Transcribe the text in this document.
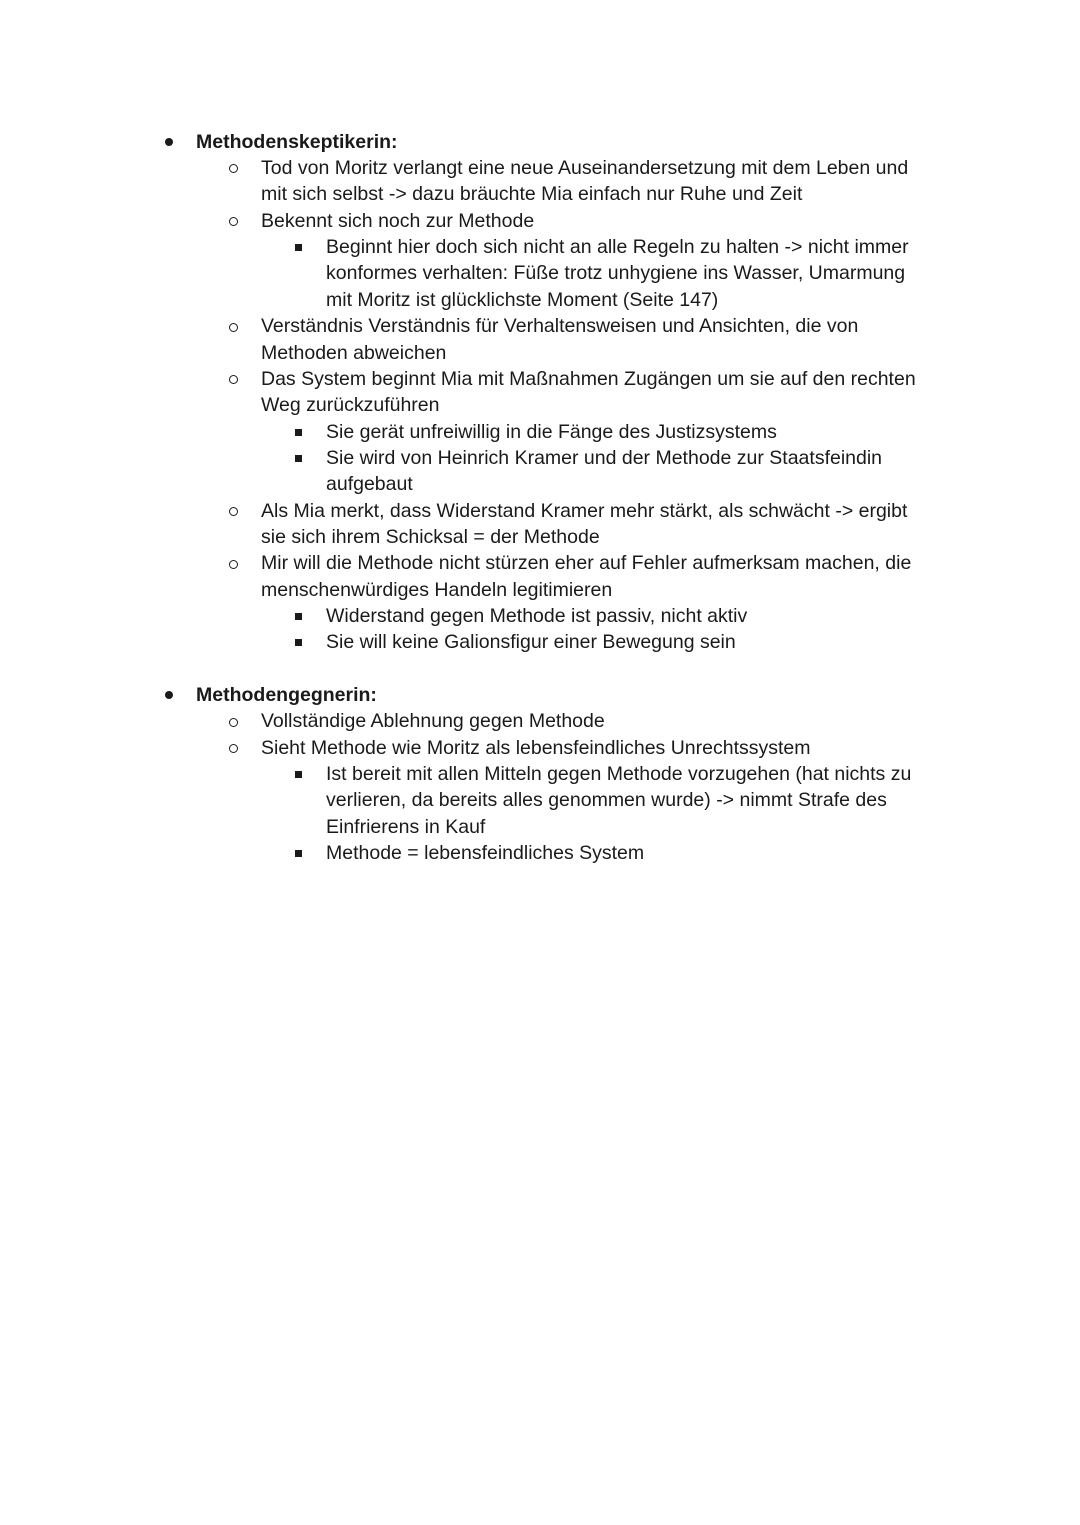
Methodenskeptikerin:
Tod von Moritz verlangt eine neue Auseinandersetzung mit dem Leben und
mit sich selbst -> dazu bräuchte Mia einfach nur Ruhe und Zeit
Bekennt sich noch zur Methode
Beginnt hier doch sich nicht an alle Regeln zu halten -> nicht immer
konformes verhalten: Füße trotz unhygiene ins Wasser, Umarmung
mit Moritz ist glücklichste Moment (Seite 147)
Verständnis Verständnis für Verhaltensweisen und Ansichten, die von
Methoden abweichen
Das System beginnt Mia mit Maßnahmen Zugängen um sie auf den rechten
Weg zurückzuführen
Sie gerät unfreiwillig in die Fänge des Justizsystems
Sie wird von Heinrich Kramer und der Methode zur Staatsfeindin
aufgebaut
Als Mia merkt, dass Widerstand Kramer mehr stärkt, als schwächt -> ergibt
sie sich ihrem Schicksal = der Methode
Mir will die Methode nicht stürzen eher auf Fehler aufmerksam machen, die
menschenwürdiges Handeln legitimieren
Widerstand gegen Methode ist passiv, nicht aktiv
Sie will keine Galionsfigur einer Bewegung sein
Methodengegnerin:
Vollständige Ablehnung gegen Methode
Sieht Methode wie Moritz als lebensfeindliches Unrechtssystem
Ist bereit mit allen Mitteln gegen Methode vorzugehen (hat nichts zu
verlieren, da bereits alles genommen wurde) -> nimmt Strafe des
Einfrierens in Kauf
Methode = lebensfeindliches System
